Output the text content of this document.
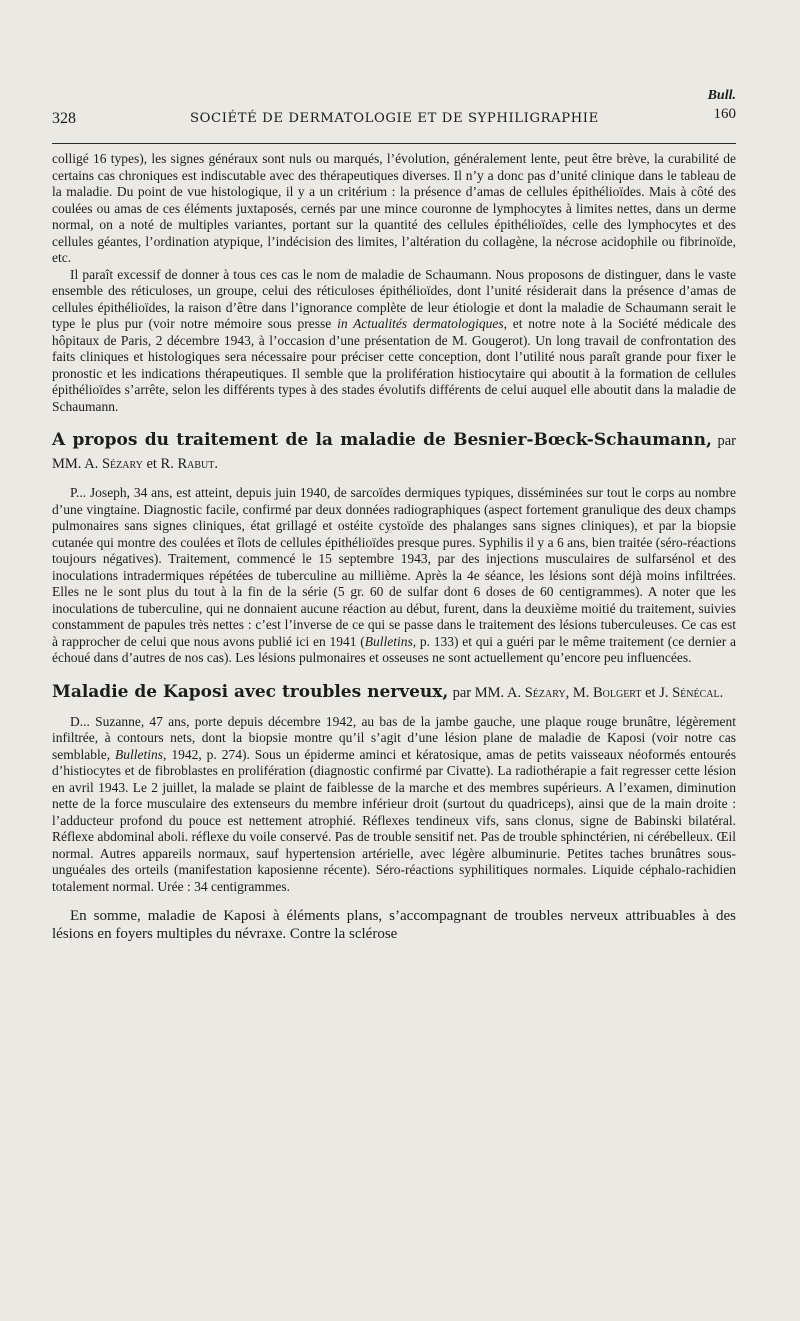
Bull.
160
328	SOCIÉTÉ DE DERMATOLOGIE ET DE SYPHILIGRAPHIE

colligé 16 types), les signes généraux sont nuls ou marqués, l’évolution, généralement lente, peut être brève, la curabilité de certains cas chroniques est indiscutable avec des thérapeutiques diverses. Il n’y a donc pas d’unité clinique dans le tableau de la maladie. Du point de vue histologique, il y a un critérium : la présence d’amas de cellules épithélioïdes. Mais à côté des coulées ou amas de ces éléments juxtaposés, cernés par une mince couronne de lymphocytes à limites nettes, dans un derme normal, on a noté de multiples variantes, portant sur la quantité des cellules épithélioïdes, celle des lymphocytes et des cellules géantes, l’ordination atypique, l’indécision des limites, l’altération du collagène, la nécrose acidophile ou fibrinoïde, etc.

Il paraît excessif de donner à tous ces cas le nom de maladie de Schaumann. Nous proposons de distinguer, dans le vaste ensemble des réticuloses, un groupe, celui des réticuloses épithélioïdes, dont l’unité résiderait dans la présence d’amas de cellules épithélioïdes, la raison d’être dans l’ignorance complète de leur étiologie et dont la maladie de Schaumann serait le type le plus pur (voir notre mémoire sous presse in Actualités dermatologiques, et notre note à la Société médicale des hôpitaux de Paris, 2 décembre 1943, à l’occasion d’une présentation de M. Gougerot). Un long travail de confrontation des faits cliniques et histologiques sera nécessaire pour préciser cette conception, dont l’utilité nous paraît grande pour fixer le pronostic et les indications thérapeutiques. Il semble que la prolifération histiocytaire qui aboutit à la formation de cellules épithélioïdes s’arrête, selon les différents types à des stades évolutifs différents de celui auquel elle aboutit dans la maladie de Schaumann.

A propos du traitement de la maladie de Besnier-Bœck-Schaumann, par MM. A. Sézary et R. Rabut.

P... Joseph, 34 ans, est atteint, depuis juin 1940, de sarcoïdes dermiques typiques, disséminées sur tout le corps au nombre d’une vingtaine. Diagnostic facile, confirmé par deux données radiographiques (aspect fortement granulique des deux champs pulmonaires sans signes cliniques, état grillagé et ostéite cystoïde des phalanges sans signes cliniques), et par la biopsie cutanée qui montre des coulées et îlots de cellules épithélioïdes presque pures. Syphilis il y a 6 ans, bien traitée (séro-réactions toujours négatives). Traitement, commencé le 15 septembre 1943, par des injections musculaires de sulfarsénol et des inoculations intradermiques répétées de tuberculine au millième. Après la 4e séance, les lésions sont déjà moins infiltrées. Elles ne le sont plus du tout à la fin de la série (5 gr. 60 de sulfar dont 6 doses de 60 centigrammes). A noter que les inoculations de tuberculine, qui ne donnaient aucune réaction au début, furent, dans la deuxième moitié du traitement, suivies constamment de papules très nettes : c’est l’inverse de ce qui se passe dans le traitement des lésions tuberculeuses. Ce cas est à rapprocher de celui que nous avons publié ici en 1941 (Bulletins, p. 133) et qui a guéri par le même traitement (ce dernier a échoué dans d’autres de nos cas). Les lésions pulmonaires et osseuses ne sont actuellement qu’encore peu influencées.

Maladie de Kaposi avec troubles nerveux, par MM. A. Sézary, M. Bolgert et J. Sénécal.

D... Suzanne, 47 ans, porte depuis décembre 1942, au bas de la jambe gauche, une plaque rouge brunâtre, légèrement infiltrée, à contours nets, dont la biopsie montre qu’il s’agit d’une lésion plane de maladie de Kaposi (voir notre cas semblable, Bulletins, 1942, p. 274). Sous un épiderme aminci et kératosique, amas de petits vaisseaux néoformés entourés d’histiocytes et de fibroblastes en prolifération (diagnostic confirmé par Civatte). La radiothérapie a fait regresser cette lésion en avril 1943. Le 2 juillet, la malade se plaint de faiblesse de la marche et des membres supérieurs. A l’examen, diminution nette de la force musculaire des extenseurs du membre inférieur droit (surtout du quadriceps), ainsi que de la main droite : l’adducteur profond du pouce est nettement atrophié. Réflexes tendineux vifs, sans clonus, signe de Babinski bilatéral. Réflexe abdominal aboli. réflexe du voile conservé. Pas de trouble sensitif net. Pas de trouble sphinctérien, ni cérébelleux. Œil normal. Autres appareils normaux, sauf hypertension artérielle, avec légère albuminurie. Petites taches brunâtres sous-unguéales des orteils (manifestation kaposienne récente). Séro-réactions syphilitiques normales. Liquide céphalo-rachidien totalement normal. Urée : 34 centigrammes.

En somme, maladie de Kaposi à éléments plans, s’accompagnant de troubles nerveux attribuables à des lésions en foyers multiples du névraxe. Contre la sclérose
